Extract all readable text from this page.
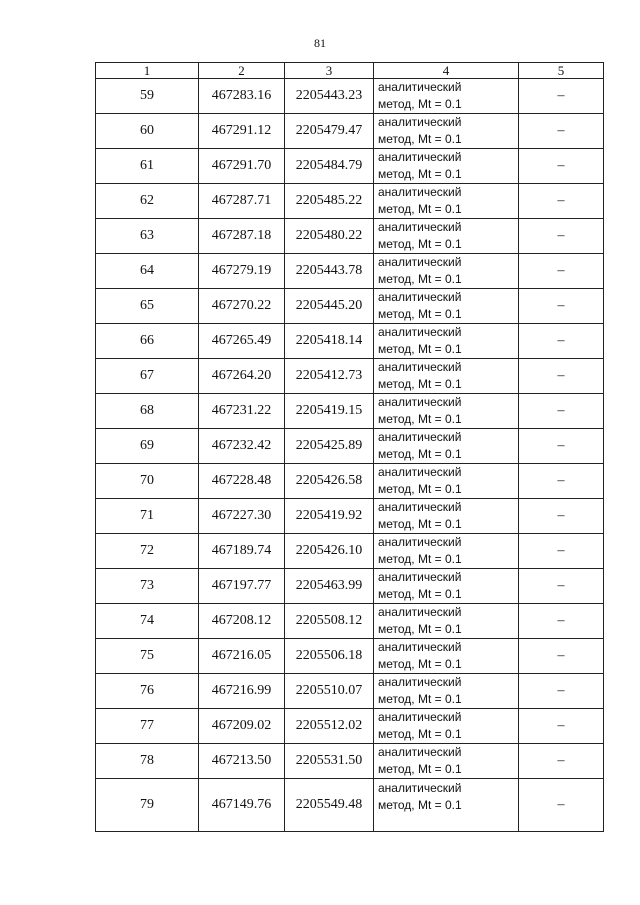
81
1	2	3	4	5
59	467283.16	2205443.23	аналитический
метод, Mt = 0.1	–
60	467291.12	2205479.47	аналитический
метод, Mt = 0.1	–
61	467291.70	2205484.79	аналитический
метод, Mt = 0.1	–
62	467287.71	2205485.22	аналитический
метод, Mt = 0.1	–
63	467287.18	2205480.22	аналитический
метод, Mt = 0.1	–
64	467279.19	2205443.78	аналитический
метод, Mt = 0.1	–
65	467270.22	2205445.20	аналитический
метод, Mt = 0.1	–
66	467265.49	2205418.14	аналитический
метод, Mt = 0.1	–
67	467264.20	2205412.73	аналитический
метод, Mt = 0.1	–
68	467231.22	2205419.15	аналитический
метод, Mt = 0.1	–
69	467232.42	2205425.89	аналитический
метод, Mt = 0.1	–
70	467228.48	2205426.58	аналитический
метод, Mt = 0.1	–
71	467227.30	2205419.92	аналитический
метод, Mt = 0.1	–
72	467189.74	2205426.10	аналитический
метод, Mt = 0.1	–
73	467197.77	2205463.99	аналитический
метод, Mt = 0.1	–
74	467208.12	2205508.12	аналитический
метод, Mt = 0.1	–
75	467216.05	2205506.18	аналитический
метод, Mt = 0.1	–
76	467216.99	2205510.07	аналитический
метод, Mt = 0.1	–
77	467209.02	2205512.02	аналитический
метод, Mt = 0.1	–
78	467213.50	2205531.50	аналитический
метод, Mt = 0.1	–
79	467149.76	2205549.48	аналитический
метод, Mt = 0.1	–
